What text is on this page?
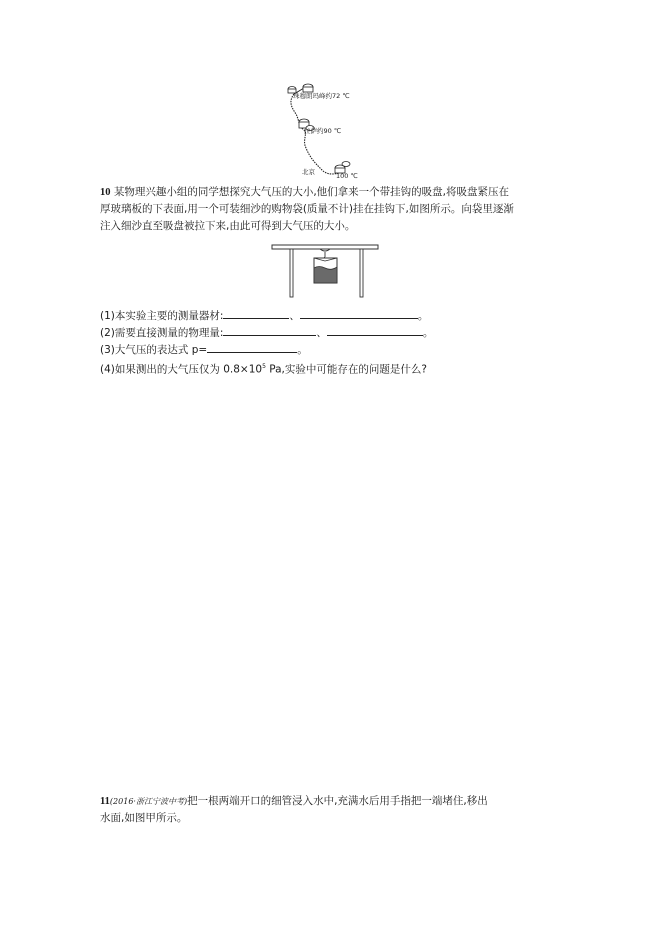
珠穆朗玛峰约72 ℃
拉萨约90 ℃
北京	100 ℃
10 某物理兴趣小组的同学想探究大气压的大小,他们拿来一个带挂钩的吸盘,将吸盘紧压在
厚玻璃板的下表面,用一个可装细沙的购物袋(质量不计)挂在挂钩下,如图所示。向袋里逐渐
注入细沙直至吸盘被拉下来,由此可得到大气压的大小。
(1)本实验主要的测量器材:	、	。
(2)需要直接测量的物理量:	、	。
(3)大气压的表达式 p=	。
(4)如果测出的大气压仅为 $0.8\times 10^5$ Pa,实验中可能存在的问题是什么?
11(2016·浙江宁波中考)把一根两端开口的细管浸入水中,充满水后用手指把一端堵住,移出
水面,如图甲所示。
